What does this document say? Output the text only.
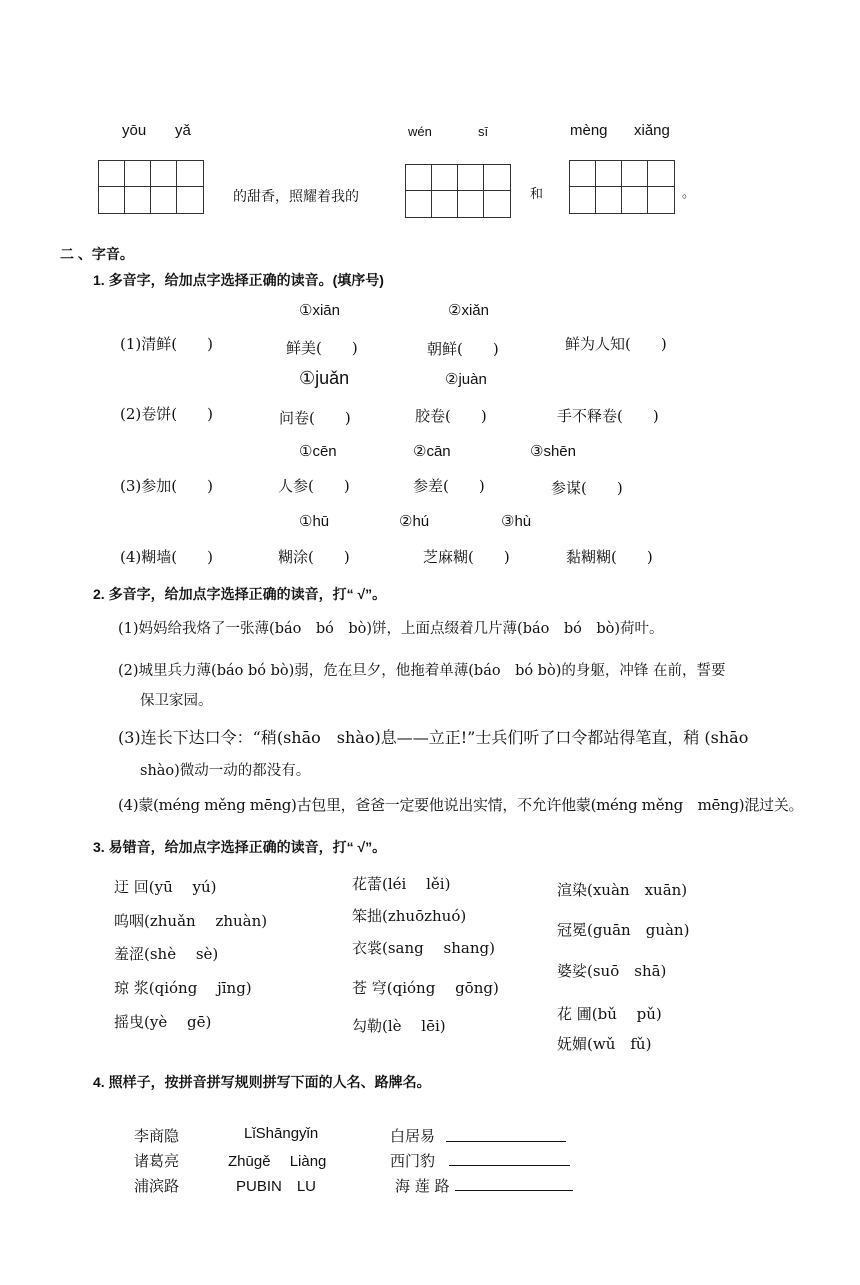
yōu yǎ	wén	sī	mèng xiǎng
的甜香，照耀着我的	和	。
二 、字音。
1. 多音字，给加点字选择正确的读音。(填序号)
①xiān	②xiǎn
(1)清鲜(　　)	鲜美(　　)	朝鲜(　　)	鲜为人知(　　)
①juǎn	②juàn
(2)卷饼(　　)	问卷(　　)	胶卷(　　)	手不释卷(　　)
①cēn	②cān	③shēn
(3)参加(　　)	人参(　　)	参差(　　)	参谋(　　)
①hū	②hú	③hù
(4)糊墙(　　)	糊涂(　　)	芝麻糊(　　)	黏糊糊(　　)
2. 多音字，给加点字选择正确的读音，打“ √”。
(1)妈妈给我烙了一张薄(báo　bó　bò)饼，上面点缀着几片薄(báo　bó　bò)荷叶。
(2)城里兵力薄(báo bó bò)弱，危在旦夕，他拖着单薄(báo　bó bò)的身躯，冲锋 在前，誓要
保卫家园。
(3)连长下达口令：“稍(shāo　shào)息——立正!”士兵们听了口令都站得笔直，稍 (shāo
shào)微动一动的都没有。
(4)蒙(méng měng mēng)古包里，爸爸一定要他说出实情，不允许他蒙(méng měng　mēng)混过关。
3. 易错音，给加点字选择正确的读音，打“ √”。
迂 回(yū　 yú)
呜咽(zhuǎn　 zhuàn)
羞涩(shè　 sè)
琼 浆(qióng　 jīng)
摇曳(yè　 gē)
花蕾(léi　 lěi)
笨拙(zhuōzhuó)
衣裳(sang　 shang)
苍 穹(qióng　 gōng)
勾勒(lè　 lēi)
渲染(xuàn　xuān)
冠冕(guān　guàn)
婆娑(suō　shā)
花 圃(bǔ　 pǔ)
妩媚(wǔ　fǔ)
4. 照样子，按拼音拼写规则拼写下面的人名、路牌名。
李商隐	LǐShāngyǐn	白居易
诸葛亮	Zhūgě　 Liàng	西门豹
浦滨路	PUBIN　LU	海 莲 路
